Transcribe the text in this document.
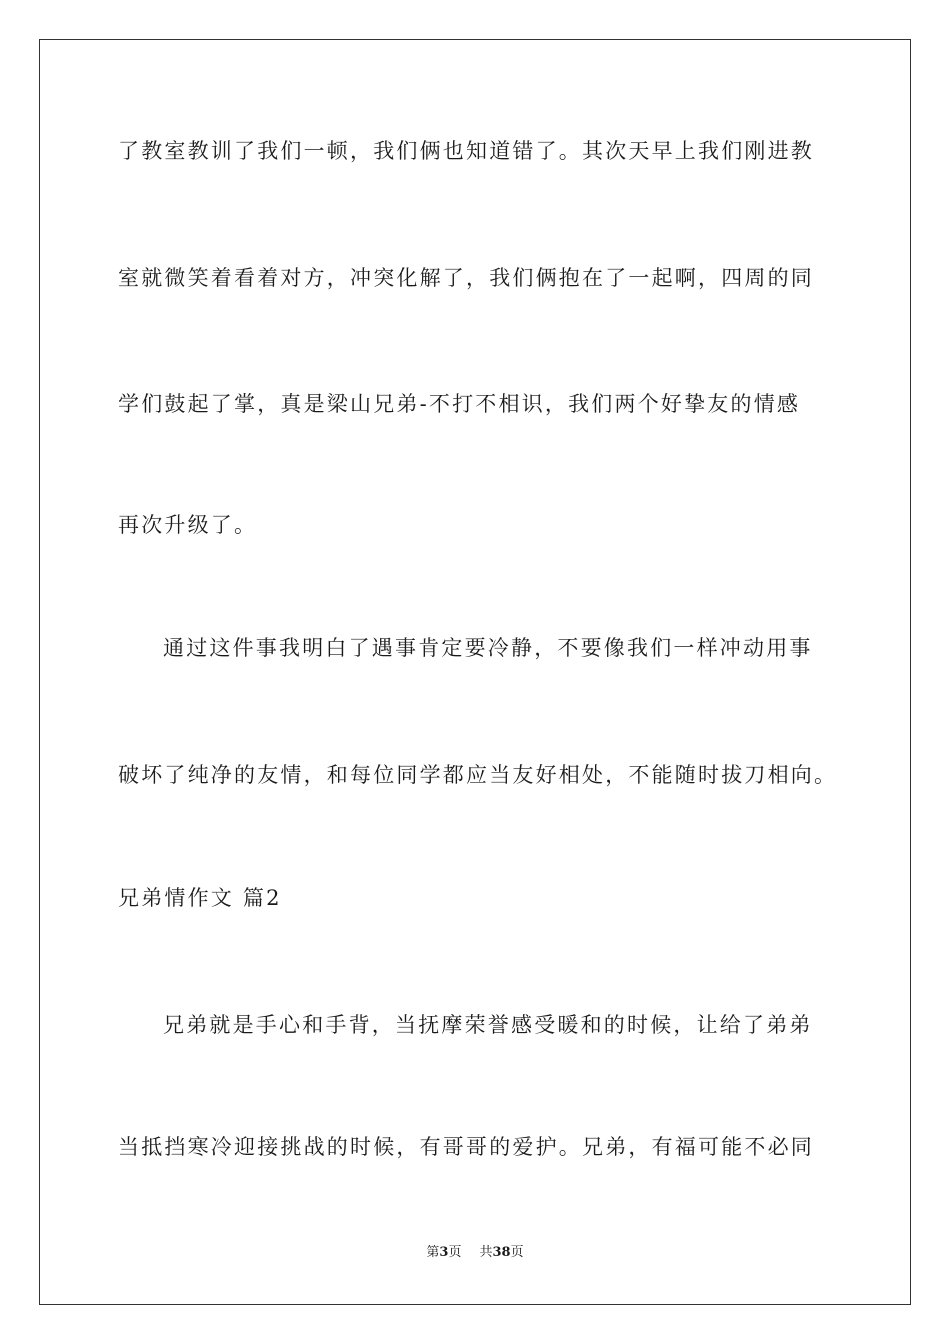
了教室教训了我们一顿，我们俩也知道错了。其次天早上我们刚进教
室就微笑着看着对方，冲突化解了，我们俩抱在了一起啊，四周的同
学们鼓起了掌，真是梁山兄弟-不打不相识，我们两个好挚友的情感
再次升级了。
通过这件事我明白了遇事肯定要冷静，不要像我们一样冲动用事
破坏了纯净的友情，和每位同学都应当友好相处，不能随时拔刀相向。
兄弟情作文 篇2
兄弟就是手心和手背，当抚摩荣誉感受暖和的时候，让给了弟弟
当抵挡寒冷迎接挑战的时候，有哥哥的爱护。兄弟，有福可能不必同
第3页 共38页
